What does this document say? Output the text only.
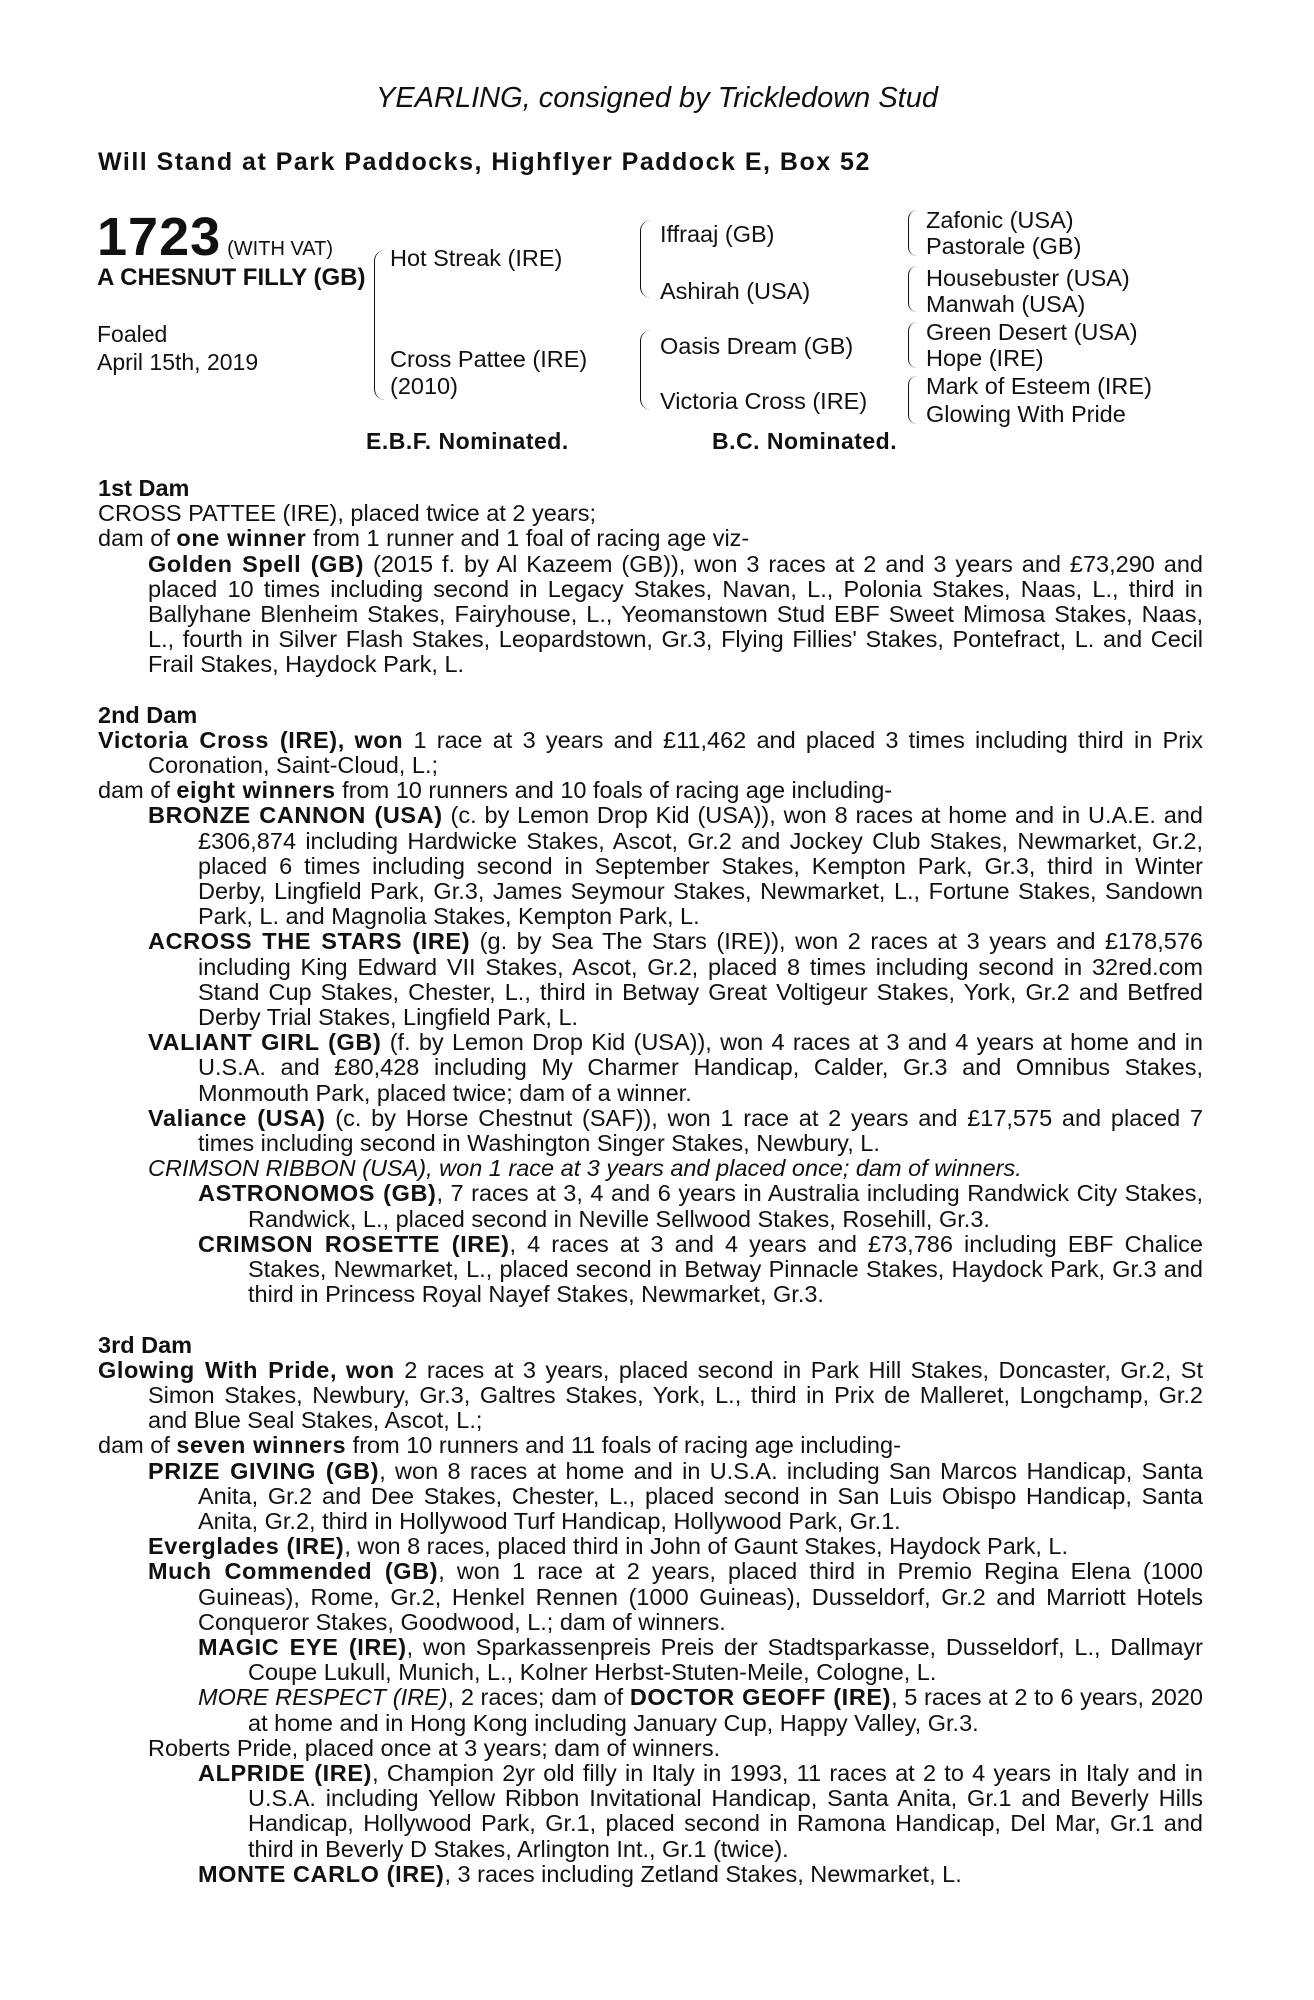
YEARLING, consigned by Trickledown Stud
Will Stand at Park Paddocks, Highflyer Paddock E, Box 52
1723 (WITH VAT)
A CHESNUT FILLY (GB)
Foaled
April 15th, 2019
Hot Streak (IRE)
Cross Pattee (IRE)
(2010)
Iffraaj (GB)
Ashirah (USA)
Oasis Dream (GB)
Victoria Cross (IRE)
Zafonic (USA)
Pastorale (GB)
Housebuster (USA)
Manwah (USA)
Green Desert (USA)
Hope (IRE)
Mark of Esteem (IRE)
Glowing With Pride
E.B.F. Nominated.	B.C. Nominated.
1st Dam

CROSS PATTEE (IRE), placed twice at 2 years;

dam of one winner from 1 runner and 1 foal of racing age viz-

Golden Spell (GB) (2015 f. by Al Kazeem (GB)), won 3 races at 2 and 3 years and £73,290 and placed 10 times including second in Legacy Stakes, Navan, L., Polonia Stakes, Naas, L., third in Ballyhane Blenheim Stakes, Fairyhouse, L., Yeomanstown Stud EBF Sweet Mimosa Stakes, Naas, L., fourth in Silver Flash Stakes, Leopardstown, Gr.3, Flying Fillies' Stakes, Pontefract, L. and Cecil Frail Stakes, Haydock Park, L.

2nd Dam

Victoria Cross (IRE), won 1 race at 3 years and £11,462 and placed 3 times including third in Prix Coronation, Saint-Cloud, L.;

dam of eight winners from 10 runners and 10 foals of racing age including-

BRONZE CANNON (USA) (c. by Lemon Drop Kid (USA)), won 8 races at home and in U.A.E. and £306,874 including Hardwicke Stakes, Ascot, Gr.2 and Jockey Club Stakes, Newmarket, Gr.2, placed 6 times including second in September Stakes, Kempton Park, Gr.3, third in Winter Derby, Lingfield Park, Gr.3, James Seymour Stakes, Newmarket, L., Fortune Stakes, Sandown Park, L. and Magnolia Stakes, Kempton Park, L.

ACROSS THE STARS (IRE) (g. by Sea The Stars (IRE)), won 2 races at 3 years and £178,576 including King Edward VII Stakes, Ascot, Gr.2, placed 8 times including second in 32red.com Stand Cup Stakes, Chester, L., third in Betway Great Voltigeur Stakes, York, Gr.2 and Betfred Derby Trial Stakes, Lingfield Park, L.

VALIANT GIRL (GB) (f. by Lemon Drop Kid (USA)), won 4 races at 3 and 4 years at home and in U.S.A. and £80,428 including My Charmer Handicap, Calder, Gr.3 and Omnibus Stakes, Monmouth Park, placed twice; dam of a winner.

Valiance (USA) (c. by Horse Chestnut (SAF)), won 1 race at 2 years and £17,575 and placed 7 times including second in Washington Singer Stakes, Newbury, L.

CRIMSON RIBBON (USA), won 1 race at 3 years and placed once; dam of winners.

ASTRONOMOS (GB), 7 races at 3, 4 and 6 years in Australia including Randwick City Stakes, Randwick, L., placed second in Neville Sellwood Stakes, Rosehill, Gr.3.

CRIMSON ROSETTE (IRE), 4 races at 3 and 4 years and £73,786 including EBF Chalice Stakes, Newmarket, L., placed second in Betway Pinnacle Stakes, Haydock Park, Gr.3 and third in Princess Royal Nayef Stakes, Newmarket, Gr.3.

3rd Dam

Glowing With Pride, won 2 races at 3 years, placed second in Park Hill Stakes, Doncaster, Gr.2, St Simon Stakes, Newbury, Gr.3, Galtres Stakes, York, L., third in Prix de Malleret, Longchamp, Gr.2 and Blue Seal Stakes, Ascot, L.;

dam of seven winners from 10 runners and 11 foals of racing age including-

PRIZE GIVING (GB), won 8 races at home and in U.S.A. including San Marcos Handicap, Santa Anita, Gr.2 and Dee Stakes, Chester, L., placed second in San Luis Obispo Handicap, Santa Anita, Gr.2, third in Hollywood Turf Handicap, Hollywood Park, Gr.1.

Everglades (IRE), won 8 races, placed third in John of Gaunt Stakes, Haydock Park, L.

Much Commended (GB), won 1 race at 2 years, placed third in Premio Regina Elena (1000 Guineas), Rome, Gr.2, Henkel Rennen (1000 Guineas), Dusseldorf, Gr.2 and Marriott Hotels Conqueror Stakes, Goodwood, L.; dam of winners.

MAGIC EYE (IRE), won Sparkassenpreis Preis der Stadtsparkasse, Dusseldorf, L., Dallmayr Coupe Lukull, Munich, L., Kolner Herbst-Stuten-Meile, Cologne, L.

MORE RESPECT (IRE), 2 races; dam of DOCTOR GEOFF (IRE), 5 races at 2 to 6 years, 2020 at home and in Hong Kong including January Cup, Happy Valley, Gr.3.

Roberts Pride, placed once at 3 years; dam of winners.

ALPRIDE (IRE), Champion 2yr old filly in Italy in 1993, 11 races at 2 to 4 years in Italy and in U.S.A. including Yellow Ribbon Invitational Handicap, Santa Anita, Gr.1 and Beverly Hills Handicap, Hollywood Park, Gr.1, placed second in Ramona Handicap, Del Mar, Gr.1 and third in Beverly D Stakes, Arlington Int., Gr.1 (twice).

MONTE CARLO (IRE), 3 races including Zetland Stakes, Newmarket, L.
